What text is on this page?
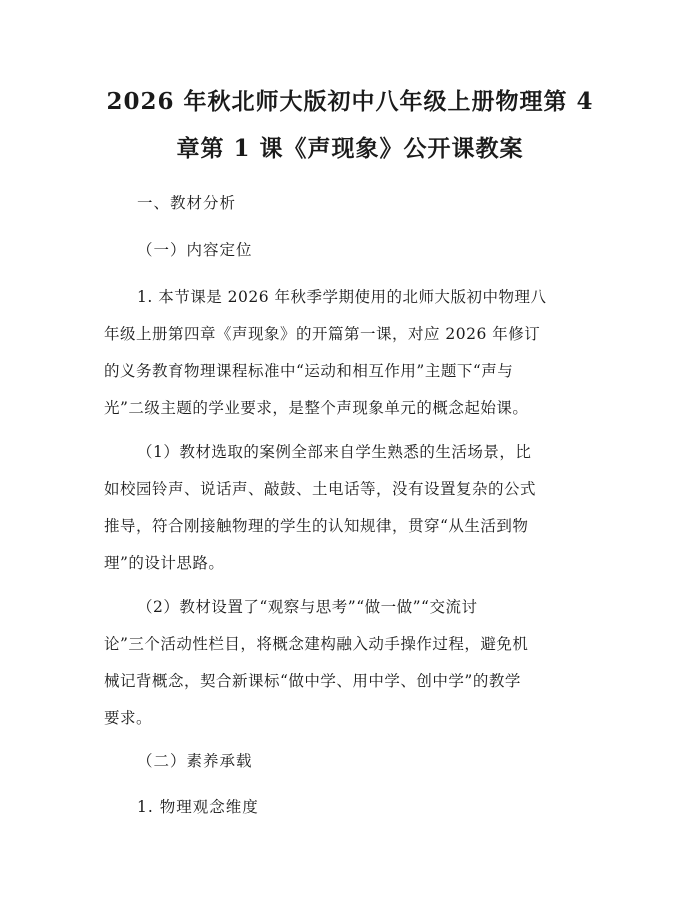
2026 年秋北师大版初中八年级上册物理第 4
章第 1 课《声现象》公开课教案
一、教材分析
（一）内容定位
1. 本节课是 2026 年秋季学期使用的北师大版初中物理八
年级上册第四章《声现象》的开篇第一课，对应 2026 年修订
的义务教育物理课程标准中“运动和相互作用”主题下“声与
光”二级主题的学业要求，是整个声现象单元的概念起始课。
（1）教材选取的案例全部来自学生熟悉的生活场景，比
如校园铃声、说话声、敲鼓、土电话等，没有设置复杂的公式
推导，符合刚接触物理的学生的认知规律，贯穿“从生活到物
理”的设计思路。
（2）教材设置了“观察与思考”“做一做”“交流讨
论”三个活动性栏目，将概念建构融入动手操作过程，避免机
械记背概念，契合新课标“做中学、用中学、创中学”的教学
要求。
（二）素养承载
1. 物理观念维度
